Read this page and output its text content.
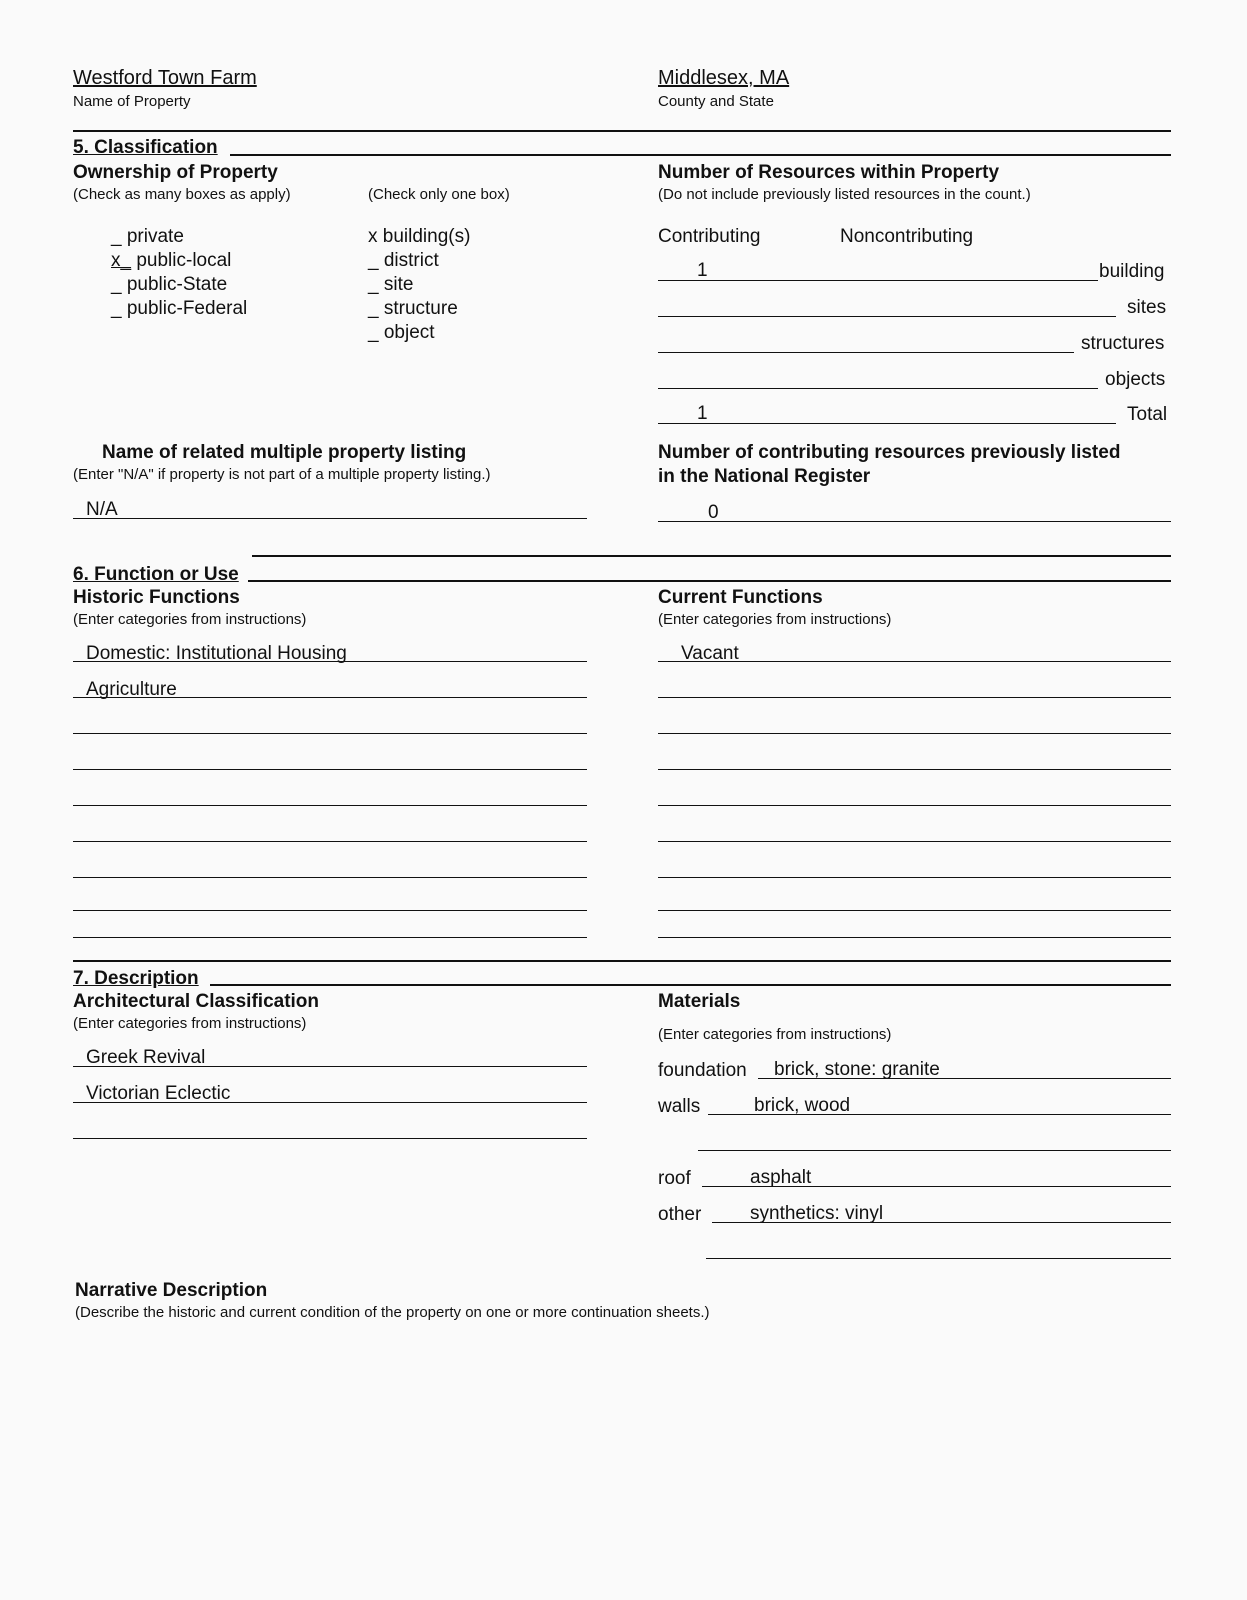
Westford Town Farm
Name of Property
Middlesex, MA
County and State
5. Classification
Ownership of Property
(Check as many boxes as apply)	(Check only one box)
_ private
x_ public-local
_ public-State
_ public-Federal
x building(s)
_ district
_ site
_ structure
_ object
Number of Resources within Property
(Do not include previously listed resources in the count.)
Contributing	Noncontributing
1	building
sites
structures
objects
1	Total
Name of related multiple property listing
(Enter "N/A" if property is not part of a multiple property listing.)
N/A
Number of contributing resources previously listed
in the National Register
0
6. Function or Use
Historic Functions
(Enter categories from instructions)
Current Functions
(Enter categories from instructions)
Domestic: Institutional Housing
Agriculture
Vacant
7. Description
Architectural Classification
(Enter categories from instructions)
Greek Revival
Victorian Eclectic
Materials
(Enter categories from instructions)
foundation brick, stone: granite
walls	brick, wood
roof	asphalt
other	synthetics: vinyl
Narrative Description
(Describe the historic and current condition of the property on one or more continuation sheets.)
